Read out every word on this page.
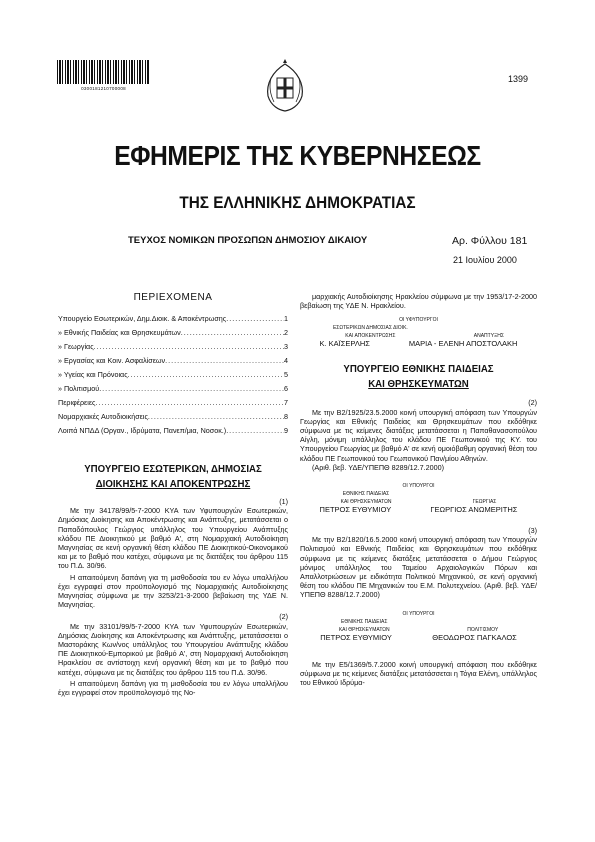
0300181210700008
1399
ΕΦΗΜΕΡΙΣ ΤΗΣ ΚΥΒΕΡΝΗΣΕΩΣ
ΤΗΣ ΕΛΛΗΝΙΚΗΣ ΔΗΜΟΚΡΑΤΙΑΣ
ΤΕΥΧΟΣ ΝΟΜΙΚΩΝ ΠΡΟΣΩΠΩΝ ΔΗΜΟΣΙΟΥ ΔΙΚΑΙΟΥ	Αρ. Φύλλου 181
21 Ιουλίου 2000
ΠΕΡΙΕΧΟΜΕΝΑ
Υπουργείο Εσωτερικών, Δημ.Διοικ. & Αποκέντρωσης .....	1
» Εθνικής Παιδείας και Θρησκευμάτων .....	2
» Γεωργίας .....	3
» Εργασίας και Κοιν. Ασφαλίσεων .....	4
» Υγείας και Πρόνοιας .....	5
» Πολιτισμού .....	6
Περιφέρειες .....	7
Νομαρχιακές Αυτοδιοικήσεις .....	8
Λοιπά ΝΠΔΔ (Οργαν., Ιδρύματα, Πανεπ/μια, Νοσοκ.) .....	9
ΥΠΟΥΡΓΕΙΟ ΕΣΩΤΕΡΙΚΩΝ, ΔΗΜΟΣΙΑΣ
ΔΙΟΙΚΗΣΗΣ ΚΑΙ ΑΠΟΚΕΝΤΡΩΣΗΣ
(1)

Με την 34178/99/5-7-2000 ΚΥΑ των Υφυπουργών Εσωτερικών, Δημόσιας Διοίκησης και Αποκέντρωσης και Ανάπτυξης, μετατάσσεται ο Παπαδόπουλος Γεώργιος υπάλληλος του Υπουργείου Ανάπτυξης κλάδου ΠΕ Διοικητικού με βαθμό Α', στη Νομαρχιακή Αυτοδιοίκηση Μαγνησίας σε κενή οργανική θέση κλάδου ΠΕ Διοικητικού-Οικονομικού και με το βαθμό που κατέχει, σύμφωνα με τις διατάξεις του άρθρου 115 του Π.Δ. 30/96.

Η απαιτούμενη δαπάνη για τη μισθοδοσία του εν λόγω υπαλλήλου έχει εγγραφεί στον προϋπολογισμό της Νομαρχιακής Αυτοδιοίκησης Μαγνησίας σύμφωνα με την 3253/21-3-2000 βεβαίωση της ΥΔΕ Ν. Μαγνησίας.

(2)

Με την 33101/99/5-7-2000 ΚΥΑ των Υφυπουργών Εσωτερικών, Δημόσιας Διοίκησης και Αποκέντρωσης και Ανάπτυξης, μετατάσσεται ο Μαστοράκης Κων/νος υπάλληλος του Υπουργείου Ανάπτυξης κλάδου ΠΕ Διοικητικού-Εμπορικού με βαθμό Α', στη Νομαρχιακή Αυτοδιοίκηση Ηρακλείου σε αντίστοιχη κενή οργανική θέση και με το βαθμό που κατέχει, σύμφωνα με τις διατάξεις του άρθρου 115 του Π.Δ. 30/96.

Η απαιτούμενη δαπάνη για τη μισθοδοσία του εν λόγω υπαλλήλου έχει εγγραφεί στον προϋπολογισμό της Νο-

μαρχιακής Αυτοδιοίκησης Ηρακλείου σύμφωνα με την 1953/17-2-2000 βεβαίωση της ΥΔΕ Ν. Ηρακλείου.

ΟΙ ΥΦΥΠΟΥΡΓΟΙ
ΕΣΩΤΕΡΙΚΩΝ ΔΗΜΟΣΙΑΣ ΔΙΟΙΚ.
ΚΑΙ ΑΠΟΚΕΝΤΡΩΣΗΣ	ΑΝΑΠΤΥΞΗΣ
Κ. ΚΑΪΣΕΡΛΗΣ	ΜΑΡΙΑ - ΕΛΕΝΗ ΑΠΟΣΤΟΛΑΚΗ
ΥΠΟΥΡΓΕΙΟ ΕΘΝΙΚΗΣ ΠΑΙΔΕΙΑΣ
ΚΑΙ ΘΡΗΣΚΕΥΜΑΤΩΝ
(2)

Με την Β2/1925/23.5.2000 κοινή υπουργική απόφαση των Υπουργών Γεωργίας και Εθνικής Παιδείας και Θρησκευμάτων που εκδόθηκε σύμφωνα με τις κείμενες διατάξεις μετατάσσεται η Παπαθανασοπούλου Αίγλη, μόνιμη υπάλληλος του κλάδου ΠΕ Γεωπονικού της ΚΥ. του Υπουργείου Γεωργίας με βαθμό Α' σε κενή ομοιόβαθμη οργανική θέση του κλάδου ΠΕ Γεωπονικού του Γεωπονικού Παν/μίου Αθηνών.

(Αριθ. βεβ. ΥΔΕ/ΥΠΕΠΘ 8289/12.7.2000)

ΟΙ ΥΠΟΥΡΓΟΙ
ΕΘΝΙΚΗΣ ΠΑΙΔΕΙΑΣ
ΚΑΙ ΘΡΗΣΚΕΥΜΑΤΩΝ	ΓΕΩΡΓΙΑΣ
ΠΕΤΡΟΣ ΕΥΘΥΜΙΟΥ	ΓΕΩΡΓΙΟΣ ΑΝΩΜΕΡΙΤΗΣ
(3)

Με την Β2/1820/16.5.2000 κοινή υπουργική απόφαση των Υπουργών Πολιτισμού και Εθνικής Παιδείας και Θρησκευμάτων που εκδόθηκε σύμφωνα με τις κείμενες διατάξεις μετατάσσεται ο Δήμου Γεώργιος μόνιμος υπάλληλος του Ταμείου Αρχαιολογικών Πόρων και Απαλλοτριώσεων με ειδικότητα Πολιτικού Μηχανικού, σε κενή οργανική θέση του κλάδου ΠΕ Μηχανικών του Ε.Μ. Πολυτεχνείου. (Αριθ. βεβ. ΥΔΕ/ΥΠΕΠΘ 8288/12.7.2000)

ΟΙ ΥΠΟΥΡΓΟΙ
ΕΘΝΙΚΗΣ ΠΑΙΔΕΙΑΣ
ΚΑΙ ΘΡΗΣΚΕΥΜΑΤΩΝ	ΠΟΛΙΤΙΣΜΟΥ
ΠΕΤΡΟΣ ΕΥΘΥΜΙΟΥ	ΘΕΟΔΩΡΟΣ ΠΑΓΚΑΛΟΣ

Με την Ε5/1369/5.7.2000 κοινή υπουργική απόφαση που εκδόθηκε σύμφωνα με τις κείμενες διατάξεις μετατάσσεται η Τόγια Ελένη, υπάλληλος του Εθνικού Ιδρύμα-
